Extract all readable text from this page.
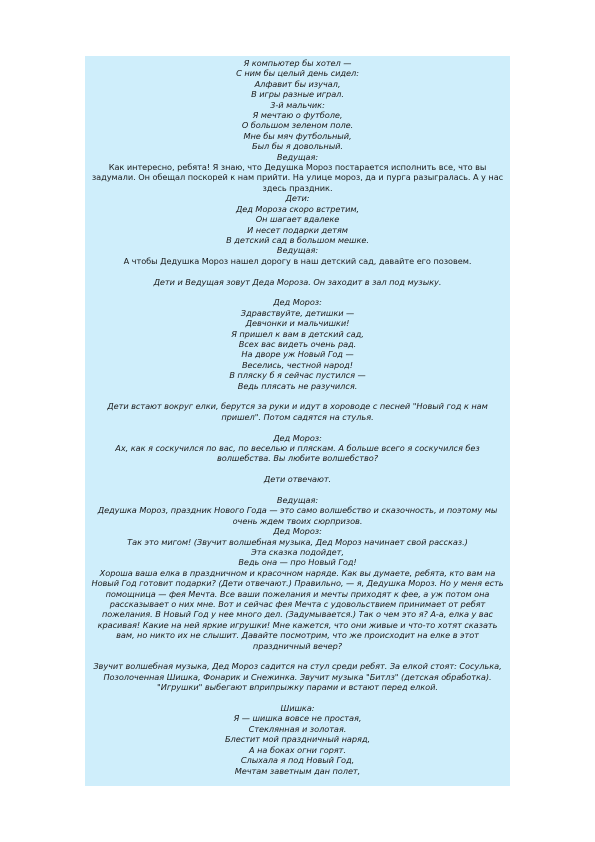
Я компьютер бы хотел —
С ним бы целый день сидел:
Алфавит бы изучал,
В игры разные играл.
3-й мальчик:
Я мечтаю о футболе,
О большом зеленом поле.
Мне бы мяч футбольный,
Был бы я довольный.
Ведущая:
Как интересно, ребята! Я знаю, что Дедушка Мороз постарается исполнить все, что вы
задумали. Он обещал поскорей к нам прийти. На улице мороз, да и пурга разыгралась. А у нас
здесь праздник.
Дети:
Дед Мороза скоро встретим,
Он шагает вдалеке
И несет подарки детям
В детский сад в большом мешке.
Ведущая:
А чтобы Дедушка Мороз нашел дорогу в наш детский сад, давайте его позовем.
Дети и Ведущая зовут Деда Мороза. Он заходит в зал под музыку.
Дед Мороз:
Здравствуйте, детишки —
Девчонки и мальчишки!
Я пришел к вам в детский сад,
Всех вас видеть очень рад.
На дворе уж Новый Год —
Веселись, честной народ!
В пляску б я сейчас пустился —
Ведь плясать не разучился.
Дети встают вокруг елки, берутся за руки и идут в хороводе с песней "Новый год к нам
пришел". Потом садятся на стулья.
Дед Мороз:
Ах, как я соскучился по вас, по веселью и пляскам. А больше всего я соскучился без
волшебства. Вы любите волшебство?
Дети отвечают.
Ведущая:
Дедушка Мороз, праздник Нового Года — это само волшебство и сказочность, и поэтому мы
очень ждем твоих сюрпризов.
Дед Мороз:
Так это мигом! (Звучит волшебная музыка, Дед Мороз начинает свой рассказ.)
Эта сказка подойдет,
Ведь она — про Новый Год!
Хороша ваша елка в праздничном и красочном наряде. Как вы думаете, ребята, кто вам на
Новый Год готовит подарки? (Дети отвечают.) Правильно, — я, Дедушка Мороз. Но у меня есть
помощница — фея Мечта. Все ваши пожелания и мечты приходят к фее, а уж потом она
рассказывает о них мне. Вот и сейчас фея Мечта с удовольствием принимает от ребят
пожелания. В Новый Год у нее много дел. (Задумывается.) Так о чем это я? А-а, елка у вас
красивая! Какие на ней яркие игрушки! Мне кажется, что они живые и что-то хотят сказать
вам, но никто их не слышит. Давайте посмотрим, что же происходит на елке в этот
праздничный вечер?
Звучит волшебная музыка, Дед Мороз садится на стул среди ребят. За елкой стоят: Сосулька,
Позолоченная Шишка, Фонарик и Снежинка. Звучит музыка "Битлз" (детская обработка).
"Игрушки" выбегают вприпрыжку парами и встают перед елкой.
Шишка:
Я — шишка вовсе не простая,
Стеклянная и золотая.
Блестит мой праздничный наряд,
А на боках огни горят.
Слыхала я под Новый Год,
Мечтам заветным дан полет,
